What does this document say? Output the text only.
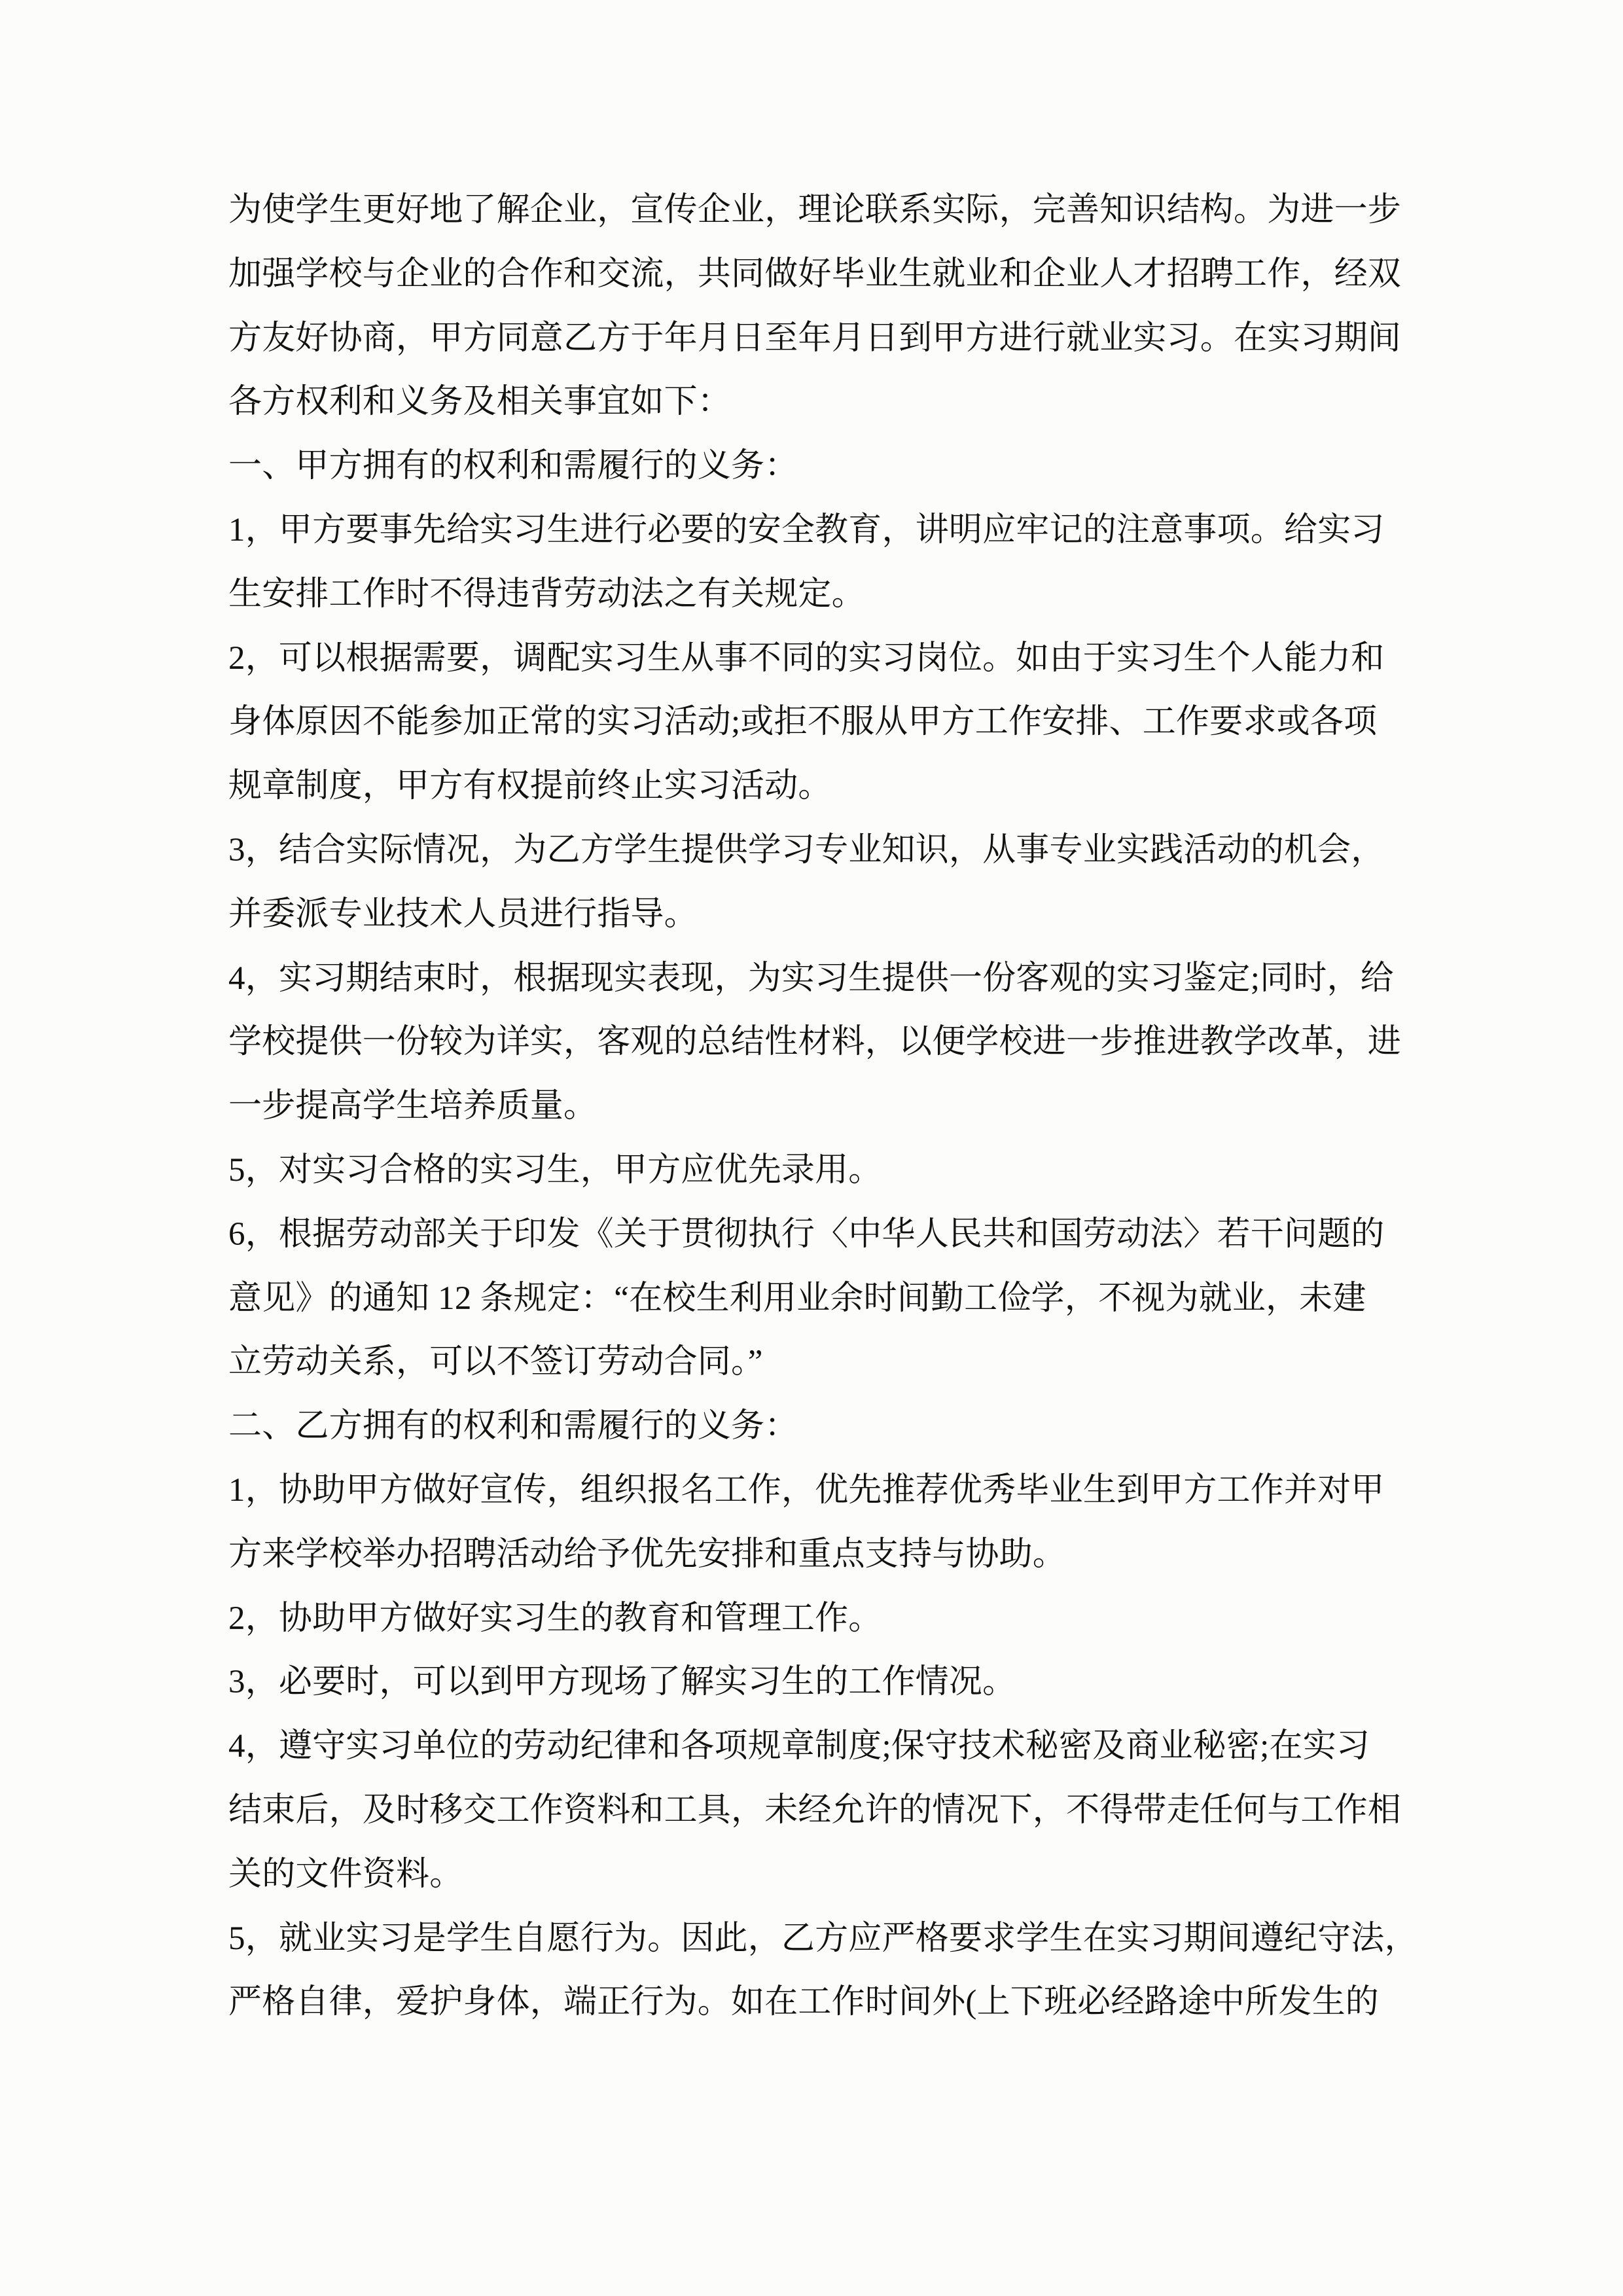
为使学生更好地了解企业，宣传企业，理论联系实际，完善知识结构。为进一步
加强学校与企业的合作和交流，共同做好毕业生就业和企业人才招聘工作，经双
方友好协商，甲方同意乙方于年月日至年月日到甲方进行就业实习。在实习期间
各方权利和义务及相关事宜如下：
一、甲方拥有的权利和需履行的义务：
1，甲方要事先给实习生进行必要的安全教育，讲明应牢记的注意事项。给实习
生安排工作时不得违背劳动法之有关规定。
2，可以根据需要，调配实习生从事不同的实习岗位。如由于实习生个人能力和
身体原因不能参加正常的实习活动;或拒不服从甲方工作安排、工作要求或各项
规章制度，甲方有权提前终止实习活动。
3，结合实际情况，为乙方学生提供学习专业知识，从事专业实践活动的机会，
并委派专业技术人员进行指导。
4，实习期结束时，根据现实表现，为实习生提供一份客观的实习鉴定;同时，给
学校提供一份较为详实，客观的总结性材料，以便学校进一步推进教学改革，进
一步提高学生培养质量。
5，对实习合格的实习生，甲方应优先录用。
6，根据劳动部关于印发《关于贯彻执行〈中华人民共和国劳动法〉若干问题的
意见》的通知 12 条规定：“在校生利用业余时间勤工俭学，不视为就业，未建
立劳动关系，可以不签订劳动合同。”
二、乙方拥有的权利和需履行的义务：
1，协助甲方做好宣传，组织报名工作，优先推荐优秀毕业生到甲方工作并对甲
方来学校举办招聘活动给予优先安排和重点支持与协助。
2，协助甲方做好实习生的教育和管理工作。
3，必要时，可以到甲方现场了解实习生的工作情况。
4，遵守实习单位的劳动纪律和各项规章制度;保守技术秘密及商业秘密;在实习
结束后，及时移交工作资料和工具，未经允许的情况下，不得带走任何与工作相
关的文件资料。
5，就业实习是学生自愿行为。因此，乙方应严格要求学生在实习期间遵纪守法，
严格自律，爱护身体，端正行为。如在工作时间外(上下班必经路途中所发生的
